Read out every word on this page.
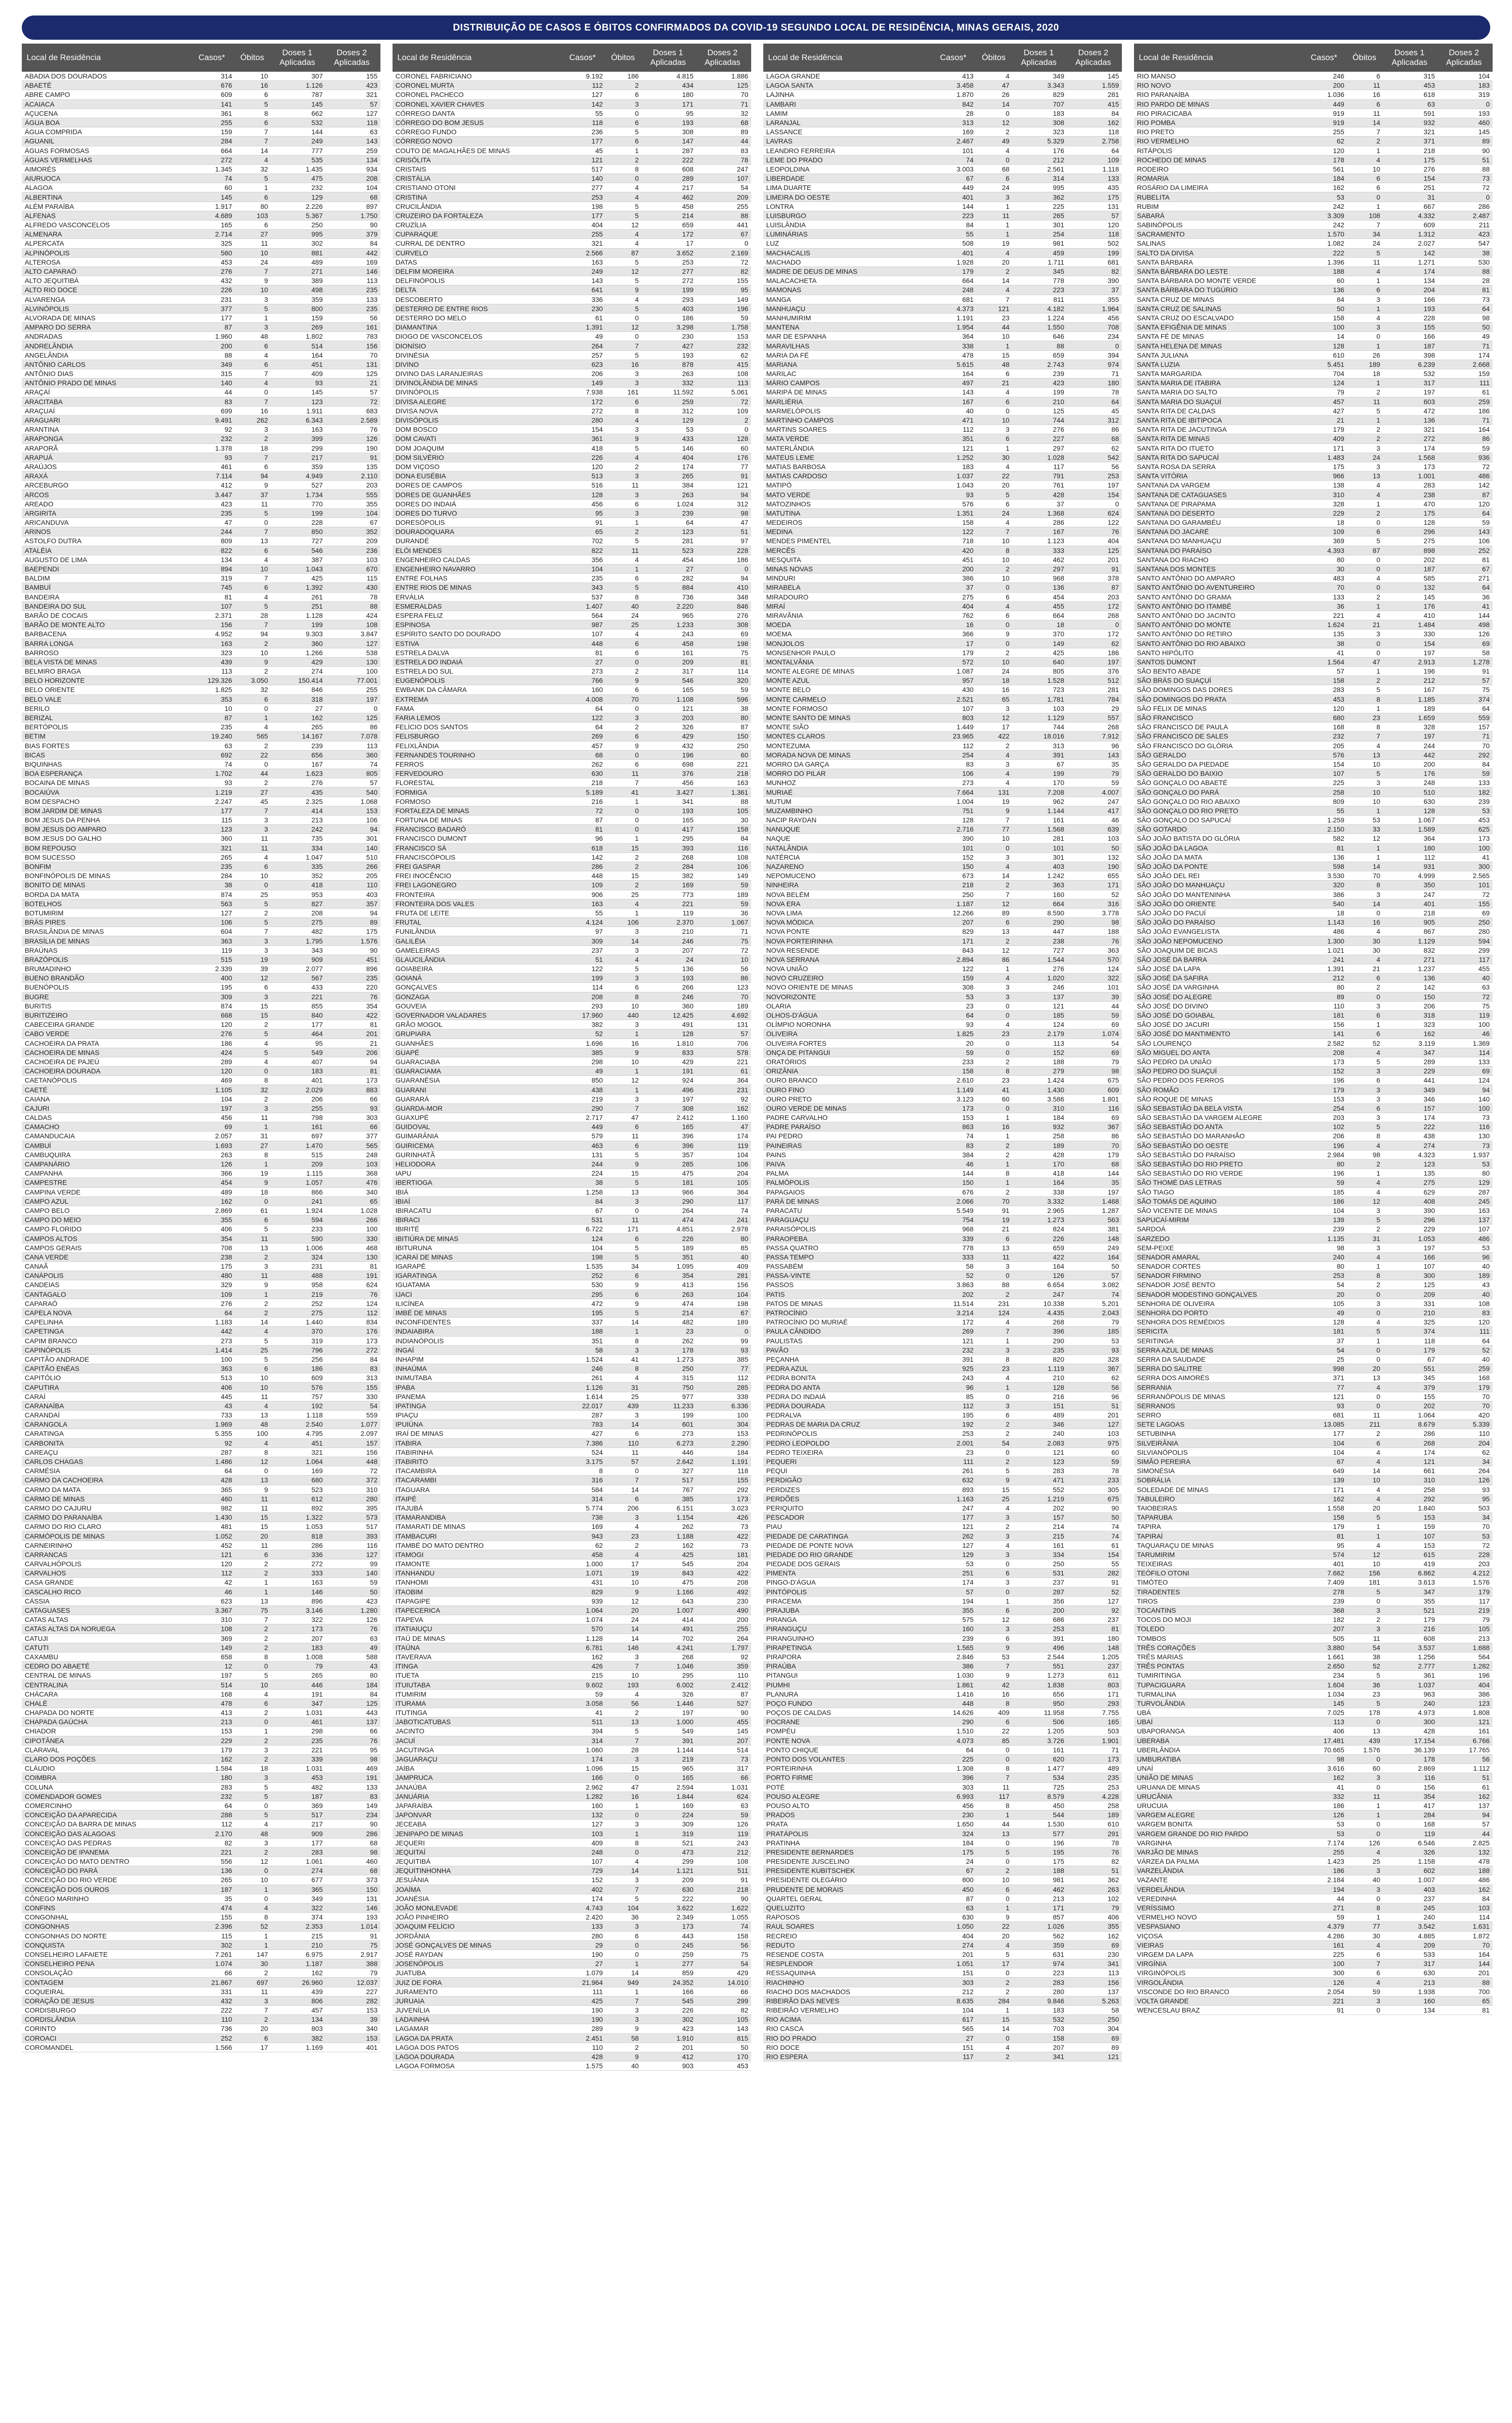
DISTRIBUIÇÃO DE CASOS E ÓBITOS CONFIRMADOS DA COVID-19 SEGUNDO LOCAL DE RESIDÊNCIA, MINAS GERAIS, 2020
Local de Residência	Casos*	Óbitos
Doses 1 Aplicadas
Doses 2 Aplicadas
ABADIA DOS DOURADOS	314	10	307	155
ABAETÉ	676	16	1.126	423
ABRE CAMPO	609	6	787	321
ACAIACA	141	5	145	57
AÇUCENA	361	8	662	127
ÁGUA BOA	255	6	532	118
ÁGUA COMPRIDA	159	7	144	63
AGUANIL	284	7	249	143
ÁGUAS FORMOSAS	664	14	777	259
ÁGUAS VERMELHAS	272	4	535	134
AIMORÉS	1.345	32	1.435	934
AIURUOCA	74	5	475	208
ALAGOA	60	1	232	104
ALBERTINA	145	6	129	68
ALÉM PARAÍBA	1.917	80	2.226	897
ALFENAS	4.689	103	5.367	1.750
ALFREDO VASCONCELOS	165	6	250	90
ALMENARA	2.714	27	995	379
ALPERCATA	325	11	302	84
ALPINÓPOLIS	560	10	881	442
ALTEROSA	453	24	489	169
ALTO CAPARAÓ	276	7	271	146
ALTO JEQUITIBÁ	432	9	389	113
ALTO RIO DOCE	226	10	498	235
ALVARENGA	231	3	359	133
ALVINÓPOLIS	377	5	800	235
ALVORADA DE MINAS	177	1	159	56
AMPARO DO SERRA	87	3	269	161
ANDRADAS	1.960	48	1.802	783
ANDRELÂNDIA	200	6	514	156
ANGELÂNDIA	88	4	164	70
ANTÔNIO CARLOS	349	6	451	131
ANTÔNIO DIAS	315	7	409	125
ANTÔNIO PRADO DE MINAS	140	4	93	21
ARAÇAÍ	44	0	145	57
ARACITABA	83	7	123	72
ARAÇUAÍ	699	16	1.911	683
ARAGUARI	9.491	262	6.343	2.589
ARANTINA	92	3	163	76
ARAPONGA	232	2	399	126
ARAPORÃ	1.378	18	299	190
ARAPUÁ	93	7	217	91
ARAÚJOS	461	6	359	135
ARAXÁ	7.114	94	4.949	2.110
ARCEBURGO	412	9	527	203
ARCOS	3.447	37	1.734	555
AREADO	423	11	770	355
ARGIRITA	235	5	199	104
ARICANDUVA	47	0	228	67
ARINOS	244	7	850	352
ASTOLFO DUTRA	809	13	727	209
ATALÉIA	822	6	546	236
AUGUSTO DE LIMA	134	4	387	103
BAEPENDI	894	10	1.043	670
BALDIM	319	7	425	115
BAMBUÍ	745	6	1.392	430
BANDEIRA	81	4	261	78
BANDEIRA DO SUL	107	5	251	88
BARÃO DE COCAIS	2.371	28	1.128	424
BARÃO DE MONTE ALTO	156	7	199	108
BARBACENA	4.952	94	9.303	3.847
BARRA LONGA	163	2	360	127
BARROSO	323	10	1.266	538
BELA VISTA DE MINAS	439	9	429	130
BELMIRO BRAGA	113	2	274	100
BELO HORIZONTE	129.326	3.050	150.414	77.001
BELO ORIENTE	1.825	32	846	255
BELO VALE	353	6	318	197
BERILO	10	0	27	0
BERIZAL	87	1	162	125
BERTÓPOLIS	235	4	265	86
BETIM	19.240	565	14.167	7.078
BIAS FORTES	63	2	239	113
BICAS	692	22	656	360
BIQUINHAS	74	0	167	74
BOA ESPERANÇA	1.702	44	1.623	805
BOCAINA DE MINAS	93	2	276	57
BOCAIÚVA	1.219	27	435	540
BOM DESPACHO	2.247	45	2.325	1.068
BOM JARDIM DE MINAS	177	7	414	153
BOM JESUS DA PENHA	115	3	213	106
BOM JESUS DO AMPARO	123	3	242	94
BOM JESUS DO GALHO	360	11	735	301
BOM REPOUSO	321	11	334	140
BOM SUCESSO	265	4	1.047	510
BONFIM	235	6	335	266
BONFINÓPOLIS DE MINAS	284	10	352	205
BONITO DE MINAS	38	0	418	110
BORDA DA MATA	874	25	953	403
BOTELHOS	563	5	827	357
BOTUMIRIM	127	2	208	94
BRÁS PIRES	106	5	275	89
BRASILÂNDIA DE MINAS	604	7	482	175
BRASÍLIA DE MINAS	363	3	1.795	1.576
BRAÚNAS	119	3	343	90
BRAZÓPOLIS	515	19	909	451
BRUMADINHO	2.339	39	2.077	896
BUENO BRANDÃO	400	12	567	235
BUENÓPOLIS	195	6	433	220
BUGRE	309	3	221	76
BURITIS	874	15	855	354
BURITIZEIRO	668	15	840	422
CABECEIRA GRANDE	120	2	177	81
CABO VERDE	276	5	464	201
CACHOEIRA DA PRATA	186	4	95	21
CACHOEIRA DE MINAS	424	5	549	206
CACHOEIRA DE PAJEÚ	289	4	407	94
CACHOEIRA DOURADA	120	0	183	81
CAETANÓPOLIS	469	8	401	173
CAETÉ	1.105	32	2.029	883
CAIANA	104	2	206	66
CAJURI	197	3	255	93
CALDAS	456	11	798	303
CAMACHO	69	1	161	66
CAMANDUCAIA	2.057	31	697	377
CAMBUÍ	1.693	27	1.470	565
CAMBUQUIRA	263	8	515	248
CAMPANÁRIO	126	1	209	103
CAMPANHA	366	19	1.115	368
CAMPESTRE	454	9	1.057	476
CAMPINA VERDE	489	18	866	340
CAMPO AZUL	162	0	241	65
CAMPO BELO	2.869	61	1.924	1.028
CAMPO DO MEIO	355	6	594	266
CAMPO FLORIDO	406	5	233	100
CAMPOS ALTOS	354	11	590	330
CAMPOS GERAIS	708	13	1.006	468
CANA VERDE	238	2	324	130
CANAÃ	175	3	231	81
CANÁPOLIS	480	11	488	191
CANDEIAS	329	9	958	624
CANTAGALO	109	1	219	76
CAPARAÓ	276	2	252	124
CAPELA NOVA	64	2	275	112
CAPELINHA	1.183	14	1.440	834
CAPETINGA	442	4	370	176
CAPIM BRANCO	273	5	319	173
CAPINÓPOLIS	1.414	25	796	272
CAPITÃO ANDRADE	100	5	256	84
CAPITÃO ENÉAS	363	6	186	83
CAPITÓLIO	513	10	609	313
CAPUTIRA	406	10	576	155
CARAÍ	445	11	757	330
CARANAÍBA	43	4	192	54
CARANDAÍ	733	13	1.118	559
CARANGOLA	1.969	48	2.540	1.077
CARATINGA	5.355	100	4.795	2.097
CARBONITA	92	4	451	157
CAREAÇU	287	8	321	156
CARLOS CHAGAS	1.486	12	1.064	448
CARMÉSIA	64	0	169	72
CARMO DA CACHOEIRA	428	13	680	372
CARMO DA MATA	365	9	523	310
CARMO DE MINAS	460	11	612	280
CARMO DO CAJURU	982	11	892	395
CARMO DO PARANAÍBA	1.430	15	1.322	573
CARMO DO RIO CLARO	481	15	1.053	517
CARMÓPOLIS DE MINAS	1.052	20	818	393
CARNEIRINHO	452	11	286	116
CARRANCAS	121	6	336	127
CARVALHÓPOLIS	120	2	272	99
CARVALHOS	112	2	333	140
CASA GRANDE	42	1	163	59
CASCALHO RICO	46	1	146	50
CÁSSIA	623	13	896	423
CATAGUASES	3.367	75	3.146	1.280
CATAS ALTAS	310	7	322	126
CATAS ALTAS DA NORUEGA	108	2	173	76
CATUJI	369	2	207	63
CATUTI	149	2	183	49
CAXAMBU	658	8	1.008	588
CEDRO DO ABAETÉ	12	0	79	43
CENTRAL DE MINAS	197	5	265	80
CENTRALINA	514	10	446	184
CHÁCARA	168	4	191	84
CHALÉ	478	6	347	125
CHAPADA DO NORTE	413	2	1.031	443
CHAPADA GAÚCHA	213	0	461	137
CHIADOR	153	1	298	66
CIPOTÂNEA	229	2	235	76
CLARAVAL	179	3	221	95
CLARO DOS POÇÕES	162	2	339	98
CLÁUDIO	1.584	18	1.031	469
COIMBRA	180	3	453	191
COLUNA	283	5	482	133
COMENDADOR GOMES	232	5	187	83
COMERCINHO	64	0	369	149
CONCEIÇÃO DA APARECIDA	288	5	517	234
CONCEIÇÃO DA BARRA DE MINAS	112	4	217	90
CONCEIÇÃO DAS ALAGOAS	2.170	48	909	286
CONCEIÇÃO DAS PEDRAS	82	3	177	68
CONCEIÇÃO DE IPANEMA	221	2	283	98
CONCEIÇÃO DO MATO DENTRO	556	12	1.061	460
CONCEIÇÃO DO PARÁ	136	0	274	68
CONCEIÇÃO DO RIO VERDE	265	10	677	373
CONCEIÇÃO DOS OUROS	187	1	365	150
CÔNEGO MARINHO	35	0	349	131
CONFINS	474	4	322	146
CONGONHAL	155	8	374	193
CONGONHAS	2.396	52	2.353	1.014
CONGONHAS DO NORTE	115	1	215	91
CONQUISTA	302	1	210	75
CONSELHEIRO LAFAIETE	7.261	147	6.975	2.917
CONSELHEIRO PENA	1.074	30	1.187	388
CONSOLAÇÃO	66	2	162	79
CONTAGEM	21.867	697	26.960	12.037
COQUEIRAL	331	11	439	227
CORAÇÃO DE JESUS	432	3	806	282
CORDISBURGO	222	7	457	153
CORDISLÂNDIA	110	2	134	39
CORINTO	736	20	803	340
COROACI	252	6	382	153
COROMANDEL	1.566	17	1.169	401
Local de Residência	Casos*	Óbitos
Doses 1 Aplicadas
Doses 2 Aplicadas
CORONEL FABRICIANO	9.192	186	4.815	1.886
CORONEL MURTA	112	2	434	125
CORONEL PACHECO	127	6	180	70
CORONEL XAVIER CHAVES	142	3	171	71
CÓRREGO DANTA	55	0	95	32
CÓRREGO DO BOM JESUS	118	6	193	68
CÓRREGO FUNDO	236	5	308	89
CÓRREGO NOVO	177	6	147	44
COUTO DE MAGALHÃES DE MINAS	45	1	287	83
CRISÓLITA	121	2	222	78
CRISTAIS	517	8	608	247
CRISTÁLIA	140	0	289	107
CRISTIANO OTONI	277	4	217	54
CRISTINA	253	4	462	209
CRUCILÂNDIA	198	5	458	255
CRUZEIRO DA FORTALEZA	177	5	214	88
CRUZÍLIA	404	12	659	441
CUPARAQUE	255	4	172	67
CURRAL DE DENTRO	321	4	17	0
CURVELO	2.566	87	3.652	2.169
DATAS	163	5	253	72
DELFIM MOREIRA	249	12	277	82
DELFINÓPOLIS	143	5	272	155
DELTA	641	9	199	95
DESCOBERTO	336	4	293	149
DESTERRO DE ENTRE RIOS	230	5	403	196
DESTERRO DO MELO	61	0	186	59
DIAMANTINA	1.391	12	3.298	1.758
DIOGO DE VASCONCELOS	49	0	230	153
DIONÍSIO	264	7	427	232
DIVINÉSIA	257	5	193	62
DIVINO	623	16	878	415
DIVINO DAS LARANJEIRAS	206	3	263	108
DIVINOLÂNDIA DE MINAS	149	3	332	113
DIVINÓPOLIS	7.938	161	11.592	5.061
DIVISA ALEGRE	172	6	259	72
DIVISA NOVA	272	8	312	109
DIVISÓPOLIS	280	4	129	2
DOM BOSCO	154	3	53	0
DOM CAVATI	361	9	433	128
DOM JOAQUIM	418	5	146	60
DOM SILVÉRIO	226	4	404	176
DOM VIÇOSO	120	2	174	77
DONA EUSÉBIA	513	3	265	91
DORES DE CAMPOS	516	11	384	121
DORES DE GUANHÃES	128	3	263	94
DORES DO INDAIÁ	456	6	1.024	312
DORES DO TURVO	95	3	239	98
DORESÓPOLIS	91	1	64	47
DOURADOQUARA	65	2	123	51
DURANDÉ	702	5	281	97
ELÓI MENDES	822	11	523	228
ENGENHEIRO CALDAS	356	4	454	186
ENGENHEIRO NAVARRO	104	1	27	0
ENTRE FOLHAS	235	6	282	94
ENTRE RIOS DE MINAS	343	5	884	410
ERVÁLIA	537	8	736	348
ESMERALDAS	1.407	40	2.220	846
ESPERA FELIZ	564	24	965	276
ESPINOSA	987	25	1.233	308
ESPÍRITO SANTO DO DOURADO	107	4	243	69
ESTIVA	448	6	458	198
ESTRELA DALVA	81	6	161	75
ESTRELA DO INDAIÁ	27	0	209	81
ESTRELA DO SUL	273	2	317	114
EUGENÓPOLIS	766	9	546	320
EWBANK DA CÂMARA	160	6	165	59
EXTREMA	4.008	70	1.108	596
FAMA	64	0	121	38
FARIA LEMOS	122	3	203	80
FELÍCIO DOS SANTOS	64	2	326	87
FELISBURGO	269	6	429	150
FELIXLÂNDIA	457	9	432	250
FERNANDES TOURINHO	68	0	196	60
FERROS	262	6	698	221
FERVEDOURO	630	11	376	218
FLORESTAL	218	7	456	163
FORMIGA	5.189	41	3.427	1.361
FORMOSO	216	1	341	88
FORTALEZA DE MINAS	72	0	193	105
FORTUNA DE MINAS	87	0	165	30
FRANCISCO BADARÓ	81	0	417	158
FRANCISCO DUMONT	96	1	295	84
FRANCISCO SÁ	618	15	393	116
FRANCISCÓPOLIS	142	2	268	108
FREI GASPAR	286	2	284	106
FREI INOCÊNCIO	448	15	382	149
FREI LAGONEGRO	109	2	169	59
FRONTEIRA	906	25	773	189
FRONTEIRA DOS VALES	163	4	221	59
FRUTA DE LEITE	55	1	119	36
FRUTAL	4.124	106	2.370	1.067
FUNILÂNDIA	97	3	210	71
GALILÉIA	309	14	246	75
GAMELEIRAS	237	3	207	72
GLAUCILÂNDIA	51	4	24	10
GOIABEIRA	122	5	136	56
GOIANÁ	199	3	193	86
GONÇALVES	114	6	266	123
GONZAGA	208	8	246	70
GOUVEIA	293	10	360	189
GOVERNADOR VALADARES	17.960	440	12.425	4.692
GRÃO MOGOL	382	3	491	131
GRUPIARA	52	1	128	57
GUANHÃES	1.696	16	1.810	706
GUAPÉ	385	9	833	578
GUARACIABA	298	10	429	221
GUARACIAMA	49	1	191	61
GUARANÉSIA	850	12	924	364
GUARANI	438	1	496	231
GUARARÁ	219	3	197	92
GUARDA-MOR	290	7	308	162
GUAXUPÉ	2.717	47	2.412	1.160
GUIDOVAL	449	6	165	47
GUIMARÂNIA	579	11	396	174
GUIRICEMA	463	6	396	119
GURINHATÃ	131	5	357	104
HELIODORA	244	9	285	106
IAPU	224	15	475	204
IBERTIOGA	38	5	181	105
IBIÁ	1.258	13	966	364
IBIAÍ	84	3	290	117
IBIRACATU	67	0	264	74
IBIRACI	531	11	474	241
IBIRITÉ	6.722	171	4.851	2.978
IBITIÚRA DE MINAS	124	6	226	80
IBITURUNA	104	5	189	85
ICARAÍ DE MINAS	198	5	351	40
IGARAPÉ	1.535	34	1.095	409
IGARATINGA	252	6	354	281
IGUATAMA	530	9	413	156
IJACI	295	6	263	104
ILICÍNEA	472	9	474	198
IMBÉ DE MINAS	195	5	214	67
INCONFIDENTES	337	14	482	189
INDAIABIRA	188	1	23	0
INDIANÓPOLIS	351	8	262	99
INGAÍ	58	3	178	93
INHAPIM	1.524	41	1.273	385
INHAÚMA	246	8	250	77
INIMUTABA	261	4	315	112
IPABA	1.126	31	750	285
IPANEMA	1.614	25	977	338
IPATINGA	22.017	439	11.233	6.336
IPIAÇU	287	3	199	100
IPUIÚNA	783	14	601	304
IRAÍ DE MINAS	427	6	273	153
ITABIRA	7.386	110	6.273	2.290
ITABIRINHA	524	11	446	184
ITABIRITO	3.175	57	2.642	1.191
ITACAMBIRA	8	0	327	118
ITACARAMBI	316	7	517	155
ITAGUARA	584	14	767	292
ITAIPÉ	314	6	385	173
ITAJUBÁ	5.774	206	6.151	3.023
ITAMARANDIBA	738	3	1.154	426
ITAMARATI DE MINAS	169	4	262	73
ITAMBACURI	943	23	1.188	422
ITAMBÉ DO MATO DENTRO	62	2	162	73
ITAMOGI	458	4	425	181
ITAMONTE	1.000	17	545	204
ITANHANDU	1.071	19	843	422
ITANHOMI	431	10	475	208
ITAOBIM	829	9	1.166	492
ITAPAGIPE	939	12	643	230
ITAPECERICA	1.064	20	1.007	490
ITAPEVA	1.074	24	414	200
ITATIAIUÇU	570	14	491	255
ITAÚ DE MINAS	1.128	14	702	264
ITAÚNA	6.781	146	4.241	1.797
ITAVERAVA	162	3	268	92
ITINGA	426	7	1.046	359
ITUETA	215	10	295	110
ITUIUTABA	9.602	193	6.002	2.412
ITUMIRIM	59	4	326	87
ITURAMA	3.058	56	1.446	527
ITUTINGA	41	2	197	90
JABOTICATUBAS	511	13	1.000	455
JACINTO	394	5	549	145
JACUÍ	314	7	391	207
JACUTINGA	1.060	28	1.144	514
JAGUARAÇU	174	3	219	73
JAÍBA	1.096	15	965	317
JAMPRUCA	166	0	165	66
JANAÚBA	2.962	47	2.594	1.031
JANUÁRIA	1.282	16	1.844	624
JAPARAÍBA	160	1	169	63
JAPONVAR	132	0	224	59
JECEABA	127	3	309	126
JENIPAPO DE MINAS	103	1	319	119
JEQUERI	409	8	521	243
JEQUITAÍ	248	0	473	212
JEQUITIBÁ	107	4	299	108
JEQUITINHONHA	729	14	1.121	511
JESUÂNIA	152	3	209	91
JOAÍMA	402	7	630	218
JOANÉSIA	174	5	222	90
JOÃO MONLEVADE	4.743	104	3.622	1.622
JOÃO PINHEIRO	2.420	36	2.349	1.055
JOAQUIM FELÍCIO	133	3	173	74
JORDÂNIA	280	6	443	158
JOSÉ GONÇALVES DE MINAS	29	0	245	56
JOSÉ RAYDAN	190	0	259	75
JOSENÓPOLIS	27	1	277	54
JUATUBA	1.079	14	859	429
JUIZ DE FORA	21.964	949	24.352	14.010
JURAMENTO	111	1	166	66
JURUAIA	425	7	545	299
JUVENÍLIA	190	3	226	82
LADAINHA	190	3	302	105
LAGAMAR	289	9	423	143
LAGOA DA PRATA	2.451	58	1.910	815
LAGOA DOS PATOS	110	2	201	50
LAGOA DOURADA	428	9	412	170
LAGOA FORMOSA	1.575	40	903	453
Local de Residência	Casos*	Óbitos
Doses 1 Aplicadas
Doses 2 Aplicadas
LAGOA GRANDE	413	4	349	145
LAGOA SANTA	3.458	47	3.343	1.559
LAJINHA	1.870	26	829	281
LAMBARI	842	14	707	415
LAMIM	28	0	183	84
LARANJAL	313	12	308	162
LASSANCE	169	2	323	118
LAVRAS	2.467	49	5.329	2.758
LEANDRO FERREIRA	101	4	176	64
LEME DO PRADO	74	0	212	109
LEOPOLDINA	3.003	68	2.561	1.118
LIBERDADE	67	6	314	133
LIMA DUARTE	449	24	995	435
LIMEIRA DO OESTE	401	3	362	175
LONTRA	144	1	225	131
LUISBURGO	223	11	265	57
LUISLÂNDIA	84	1	301	120
LUMINÁRIAS	55	1	254	118
LUZ	508	19	981	502
MACHACALIS	401	4	459	199
MACHADO	1.928	20	1.711	681
MADRE DE DEUS DE MINAS	179	2	345	82
MALACACHETA	664	14	778	390
MAMONAS	248	4	223	37
MANGA	681	7	811	355
MANHUAÇU	4.373	121	4.182	1.964
MANHUMIRIM	1.191	23	1.224	456
MANTENA	1.954	44	1.550	708
MAR DE ESPANHA	364	10	646	234
MARAVILHAS	338	1	88	0
MARIA DA FÉ	478	15	659	394
MARIANA	5.615	48	2.743	974
MARILAC	164	6	239	71
MÁRIO CAMPOS	497	21	423	180
MARIPÁ DE MINAS	143	4	199	78
MARLIÉRIA	167	6	210	64
MARMELÓPOLIS	40	0	125	45
MARTINHO CAMPOS	471	10	744	312
MARTINS SOARES	112	3	276	86
MATA VERDE	351	6	227	68
MATERLÂNDIA	121	1	297	62
MATEUS LEME	1.252	30	1.028	542
MATIAS BARBOSA	183	4	117	56
MATIAS CARDOSO	1.037	22	791	253
MATIPÓ	1.043	20	761	197
MATO VERDE	93	5	428	154
MATOZINHOS	576	6	37	0
MATUTINA	1.351	24	1.368	624
MEDEIROS	158	4	286	122
MEDINA	122	7	167	76
MENDES PIMENTEL	718	10	1.123	404
MERCÊS	420	8	333	125
MESQUITA	451	10	462	201
MINAS NOVAS	200	2	297	91
MINDURI	386	10	968	378
MIRABELA	37	0	136	87
MIRADOURO	275	6	454	203
MIRAÍ	404	4	455	172
MIRAVÂNIA	762	6	664	268
MOEDA	16	0	18	0
MOEMA	366	9	370	172
MONJOLOS	17	0	149	62
MONSENHOR PAULO	179	2	425	186
MONTALVÂNIA	572	10	640	197
MONTE ALEGRE DE MINAS	1.087	24	805	376
MONTE AZUL	957	18	1.528	512
MONTE BELO	430	16	723	281
MONTE CARMELO	2.521	65	1.781	784
MONTE FORMOSO	107	3	103	29
MONTE SANTO DE MINAS	803	12	1.129	557
MONTE SIÃO	1.449	17	744	268
MONTES CLAROS	23.965	422	18.016	7.912
MONTEZUMA	112	2	313	96
MORADA NOVA DE MINAS	254	4	391	143
MORRO DA GARÇA	83	3	67	35
MORRO DO PILAR	106	4	199	79
MUNHOZ	273	4	170	59
MURIAÉ	7.664	131	7.208	4.007
MUTUM	1.004	19	962	247
MUZAMBINHO	751	9	1.144	417
NACIP RAYDAN	128	7	161	46
NANUQUE	2.716	77	1.568	639
NAQUE	390	10	281	103
NATALÂNDIA	101	0	101	50
NATÉRCIA	152	3	301	132
NAZARENO	150	4	403	190
NEPOMUCENO	673	14	1.242	655
NINHEIRA	218	2	363	171
NOVA BELÉM	250	7	160	52
NOVA ERA	1.187	12	664	316
NOVA LIMA	12.266	89	8.590	3.778
NOVA MÓDICA	207	6	290	98
NOVA PONTE	829	13	447	188
NOVA PORTEIRINHA	171	2	238	76
NOVA RESENDE	843	12	727	363
NOVA SERRANA	2.894	86	1.544	570
NOVA UNIÃO	122	1	276	124
NOVO CRUZEIRO	159	4	1.020	322
NOVO ORIENTE DE MINAS	308	3	246	101
NOVORIZONTE	53	3	137	39
OLARIA	23	0	121	44
OLHOS-D'ÁGUA	64	0	185	59
OLÍMPIO NORONHA	93	4	124	69
OLIVEIRA	1.825	23	2.179	1.074
OLIVEIRA FORTES	20	0	113	54
ONÇA DE PITANGUI	59	0	152	69
ORATÓRIOS	233	2	188	79
ORIZÂNIA	158	8	279	98
OURO BRANCO	2.610	23	1.424	675
OURO FINO	1.149	41	1.430	609
OURO PRETO	3.123	60	3.586	1.801
OURO VERDE DE MINAS	173	0	310	116
PADRE CARVALHO	153	1	184	69
PADRE PARAÍSO	863	16	932	367
PAI PEDRO	74	1	258	86
PAINEIRAS	83	2	189	70
PAINS	384	2	428	179
PAIVA	46	1	170	68
PALMA	144	8	418	144
PALMÓPOLIS	150	1	164	35
PAPAGAIOS	676	2	338	197
PARÁ DE MINAS	2.066	70	3.332	1.468
PARACATU	5.549	91	2.965	1.287
PARAGUAÇU	754	19	1.273	563
PARAISÓPOLIS	968	21	824	381
PARAOPEBA	339	6	226	148
PASSA QUATRO	778	13	659	249
PASSA TEMPO	333	11	422	164
PASSABÉM	58	3	164	50
PASSA-VINTE	52	0	126	57
PASSOS	3.863	88	6.654	3.082
PATIS	202	2	247	74
PATOS DE MINAS	11.514	231	10.338	5.201
PATROCÍNIO	3.214	124	4.435	2.043
PATROCÍNIO DO MURIAÉ	172	4	268	79
PAULA CÂNDIDO	269	7	396	185
PAULISTAS	121	1	290	53
PAVÃO	232	3	235	93
PEÇANHA	391	8	820	328
PEDRA AZUL	925	23	1.119	367
PEDRA BONITA	243	4	210	62
PEDRA DO ANTA	96	1	128	56
PEDRA DO INDAIÁ	85	0	216	96
PEDRA DOURADA	112	3	151	51
PEDRALVA	195	6	489	201
PEDRAS DE MARIA DA CRUZ	192	2	346	127
PEDRINÓPOLIS	253	2	240	103
PEDRO LEOPOLDO	2.001	54	2.083	975
PEDRO TEIXEIRA	23	0	121	60
PEQUERI	111	2	123	59
PEQUI	261	5	283	78
PERDIGÃO	632	9	471	233
PERDIZES	893	15	552	305
PERDÕES	1.163	25	1.219	675
PERIQUITO	247	4	202	90
PESCADOR	177	3	157	50
PIAU	121	2	214	74
PIEDADE DE CARATINGA	262	3	215	74
PIEDADE DE PONTE NOVA	127	4	161	61
PIEDADE DO RIO GRANDE	129	3	334	154
PIEDADE DOS GERAIS	53	0	250	55
PIMENTA	251	6	531	282
PINGO-D'ÁGUA	174	3	237	91
PINTÓPOLIS	57	0	287	52
PIRACEMA	194	1	356	127
PIRAJUBA	355	6	200	92
PIRANGA	575	12	686	237
PIRANGUÇU	160	3	253	81
PIRANGUINHO	239	6	391	180
PIRAPETINGA	1.565	9	496	148
PIRAPORA	2.846	53	2.544	1.205
PIRAÚBA	386	7	551	237
PITANGUI	1.030	9	1.273	611
PIUMHI	1.861	42	1.838	803
PLANURA	1.416	16	656	171
POÇO FUNDO	448	8	950	293
POÇOS DE CALDAS	14.626	409	11.958	7.755
POCRANE	290	6	506	165
POMPÉU	1.510	22	1.205	503
PONTE NOVA	4.073	85	3.726	1.901
PONTO CHIQUE	64	0	161	71
PONTO DOS VOLANTES	225	0	620	173
PORTEIRINHA	1.308	8	1.477	489
PORTO FIRME	396	7	534	235
POTÉ	303	11	725	253
POUSO ALEGRE	6.993	117	8.579	4.228
POUSO ALTO	456	8	450	258
PRADOS	230	1	544	189
PRATA	1.650	44	1.530	610
PRATÁPOLIS	324	13	577	291
PRATINHA	184	0	196	78
PRESIDENTE BERNARDES	175	5	195	76
PRESIDENTE JUSCELINO	24	0	175	82
PRESIDENTE KUBITSCHEK	67	2	188	51
PRESIDENTE OLEGÁRIO	800	10	981	362
PRUDENTE DE MORAIS	450	6	462	263
QUARTEL GERAL	87	0	213	102
QUELUZITO	63	1	171	79
RAPOSOS	630	9	857	406
RAUL SOARES	1.050	22	1.026	355
RECREIO	404	20	562	162
REDUTO	274	4	359	69
RESENDE COSTA	201	5	631	230
RESPLENDOR	1.051	17	974	341
RESSAQUINHA	151	0	223	113
RIACHINHO	303	2	283	156
RIACHO DOS MACHADOS	212	2	280	137
RIBEIRÃO DAS NEVES	8.635	284	9.846	5.263
RIBEIRÃO VERMELHO	104	1	183	58
RIO ACIMA	617	15	532	250
RIO CASCA	565	14	703	304
RIO DO PRADO	27	0	158	69
RIO DOCE	151	4	207	89
RIO ESPERA	117	2	341	121
Local de Residência	Casos*	Óbitos
Doses 1 Aplicadas
Doses 2 Aplicadas
RIO MANSO	246	6	315	104
RIO NOVO	200	11	453	183
RIO PARANAÍBA	1.036	16	618	319
RIO PARDO DE MINAS	449	6	63	0
RIO PIRACICABA	919	11	591	193
RIO POMBA	919	14	932	460
RIO PRETO	255	7	321	145
RIO VERMELHO	62	2	371	89
RITÁPOLIS	120	1	218	90
ROCHEDO DE MINAS	178	4	175	51
RODEIRO	561	10	276	88
ROMARIA	184	6	154	73
ROSÁRIO DA LIMEIRA	162	6	251	72
RUBELITA	53	0	31	0
RUBIM	242	1	667	286
SABARÁ	3.309	108	4.332	2.487
SABINÓPOLIS	242	7	609	211
SACRAMENTO	1.570	34	1.312	423
SALINAS	1.082	24	2.027	547
SALTO DA DIVISA	222	5	142	38
SANTA BÁRBARA	1.396	11	1.271	530
SANTA BÁRBARA DO LESTE	188	4	174	88
SANTA BÁRBARA DO MONTE VERDE	60	1	134	28
SANTA BÁRBARA DO TUGÚRIO	136	6	204	81
SANTA CRUZ DE MINAS	84	3	166	73
SANTA CRUZ DE SALINAS	50	1	193	64
SANTA CRUZ DO ESCALVADO	158	4	228	98
SANTA EFIGÊNIA DE MINAS	100	3	155	50
SANTA FÉ DE MINAS	14	0	166	49
SANTA HELENA DE MINAS	128	1	187	71
SANTA JULIANA	610	26	398	174
SANTA LUZIA	5.451	189	6.239	2.668
SANTA MARGARIDA	704	18	532	159
SANTA MARIA DE ITABIRA	124	1	317	111
SANTA MARIA DO SALTO	79	2	197	61
SANTA MARIA DO SUAÇUÍ	457	11	603	259
SANTA RITA DE CALDAS	427	5	472	186
SANTA RITA DE IBITIPOCA	21	1	136	71
SANTA RITA DE JACUTINGA	179	2	321	164
SANTA RITA DE MINAS	409	2	272	86
SANTA RITA DO ITUETO	171	3	174	59
SANTA RITA DO SAPUCAÍ	1.483	24	1.568	936
SANTA ROSA DA SERRA	175	3	173	72
SANTA VITÓRIA	966	13	1.001	486
SANTANA DA VARGEM	138	4	283	142
SANTANA DE CATAGUASES	310	4	238	87
SANTANA DE PIRAPAMA	328	1	470	120
SANTANA DO DESERTO	229	2	175	64
SANTANA DO GARAMBÉU	18	0	128	59
SANTANA DO JACARÉ	109	6	296	143
SANTANA DO MANHUAÇU	369	5	275	106
SANTANA DO PARAÍSO	4.393	87	898	252
SANTANA DO RIACHO	80	0	202	81
SANTANA DOS MONTES	30	0	187	67
SANTO ANTÔNIO DO AMPARO	483	4	585	271
SANTO ANTÔNIO DO AVENTUREIRO	70	0	132	64
SANTO ANTÔNIO DO GRAMA	133	2	145	36
SANTO ANTÔNIO DO ITAMBÉ	36	1	176	41
SANTO ANTÔNIO DO JACINTO	221	4	410	144
SANTO ANTÔNIO DO MONTE	1.624	21	1.484	498
SANTO ANTÔNIO DO RETIRO	135	3	330	126
SANTO ANTÔNIO DO RIO ABAIXO	38	0	154	69
SANTO HIPÓLITO	41	0	197	58
SANTOS DUMONT	1.564	47	2.913	1.278
SÃO BENTO ABADE	57	1	196	91
SÃO BRÁS DO SUAÇUÍ	158	2	212	57
SÃO DOMINGOS DAS DORES	283	5	167	75
SÃO DOMINGOS DO PRATA	453	8	1.185	374
SÃO FÉLIX DE MINAS	120	1	189	64
SÃO FRANCISCO	680	23	1.659	559
SÃO FRANCISCO DE PAULA	168	8	328	157
SÃO FRANCISCO DE SALES	232	7	197	71
SÃO FRANCISCO DO GLÓRIA	205	4	244	70
SÃO GERALDO	576	13	442	292
SÃO GERALDO DA PIEDADE	154	10	200	84
SÃO GERALDO DO BAIXIO	107	5	176	59
SÃO GONÇALO DO ABAETÉ	225	3	248	133
SÃO GONÇALO DO PARÁ	258	10	510	182
SÃO GONÇALO DO RIO ABAIXO	809	10	630	239
SÃO GONÇALO DO RIO PRETO	55	1	128	53
SÃO GONÇALO DO SAPUCAÍ	1.259	53	1.067	453
SÃO GOTARDO	2.150	33	1.589	625
SÃO JOÃO BATISTA DO GLÓRIA	582	12	364	173
SÃO JOÃO DA LAGOA	81	1	180	100
SÃO JOÃO DA MATA	136	1	112	41
SÃO JOÃO DA PONTE	598	14	931	300
SÃO JOÃO DEL REI	3.530	70	4.999	2.565
SÃO JOÃO DO MANHUAÇU	320	8	350	101
SÃO JOÃO DO MANTENINHA	386	3	247	72
SÃO JOÃO DO ORIENTE	540	14	401	155
SÃO JOÃO DO PACUÍ	18	0	218	69
SÃO JOÃO DO PARAÍSO	1.143	16	905	250
SÃO JOÃO EVANGELISTA	486	4	867	280
SÃO JOÃO NEPOMUCENO	1.300	30	1.129	594
SÃO JOAQUIM DE BICAS	1.021	30	832	299
SÃO JOSÉ DA BARRA	241	4	271	117
SÃO JOSÉ DA LAPA	1.391	21	1.237	455
SÃO JOSÉ DA SAFIRA	212	6	136	40
SÃO JOSÉ DA VARGINHA	80	2	142	63
SÃO JOSÉ DO ALEGRE	89	0	150	72
SÃO JOSÉ DO DIVINO	110	3	206	75
SÃO JOSÉ DO GOIABAL	181	6	318	119
SÃO JOSÉ DO JACURI	156	1	323	100
SÃO JOSÉ DO MANTIMENTO	141	6	162	46
SÃO LOURENÇO	2.582	52	3.119	1.369
SÃO MIGUEL DO ANTA	208	4	347	114
SÃO PEDRO DA UNIÃO	173	5	289	133
SÃO PEDRO DO SUAÇUÍ	152	3	229	69
SÃO PEDRO DOS FERROS	196	6	441	124
SÃO ROMÃO	179	3	349	94
SÃO ROQUE DE MINAS	153	3	346	140
SÃO SEBASTIÃO DA BELA VISTA	254	6	157	100
SÃO SEBASTIÃO DA VARGEM ALEGRE	203	3	174	73
SÃO SEBASTIÃO DO ANTA	102	5	222	116
SÃO SEBASTIÃO DO MARANHÃO	206	8	438	130
SÃO SEBASTIÃO DO OESTE	196	4	274	73
SÃO SEBASTIÃO DO PARAÍSO	2.984	98	4.323	1.937
SÃO SEBASTIÃO DO RIO PRETO	80	2	123	53
SÃO SEBASTIÃO DO RIO VERDE	196	1	135	80
SÃO THOMÉ DAS LETRAS	59	4	275	129
SÃO TIAGO	185	4	629	287
SÃO TOMÁS DE AQUINO	186	12	408	245
SÃO VICENTE DE MINAS	104	3	390	163
SAPUCAÍ-MIRIM	139	5	296	137
SARDOÁ	239	2	229	107
SARZEDO	1.135	31	1.053	486
SEM-PEIXE	98	3	197	53
SENADOR AMARAL	240	4	166	96
SENADOR CORTES	80	1	107	40
SENADOR FIRMINO	253	8	300	189
SENADOR JOSÉ BENTO	54	2	125	43
SENADOR MODESTINO GONÇALVES	20	0	209	40
SENHORA DE OLIVEIRA	105	3	331	108
SENHORA DO PORTO	49	0	210	83
SENHORA DOS REMÉDIOS	128	4	325	120
SERICITA	181	5	374	111
SERITINGA	37	1	118	64
SERRA AZUL DE MINAS	54	0	179	52
SERRA DA SAUDADE	25	0	67	40
SERRA DO SALITRE	998	20	551	259
SERRA DOS AIMORÉS	371	13	345	168
SERRANIA	77	4	379	179
SERRANÓPOLIS DE MINAS	121	0	155	70
SERRANOS	93	0	202	70
SERRO	681	11	1.064	420
SETE LAGOAS	13.085	211	8.679	5.339
SETUBINHA	177	2	286	110
SILVEIRÂNIA	104	6	268	204
SILVIANÓPOLIS	104	4	174	62
SIMÃO PEREIRA	67	4	121	34
SIMONÉSIA	649	14	661	264
SOBRÁLIA	139	10	310	126
SOLEDADE DE MINAS	171	4	258	93
TABULEIRO	162	4	292	95
TAIOBEIRAS	1.558	20	1.840	503
TAPARUBA	158	5	153	34
TAPIRA	179	1	159	70
TAPIRAÍ	81	1	107	53
TAQUARAÇU DE MINAS	95	4	153	72
TARUMIRIM	574	12	615	228
TEIXEIRAS	401	10	419	203
TEÓFILO OTONI	7.662	156	6.862	4.212
TIMÓTEO	7.409	181	3.613	1.576
TIRADENTES	278	5	347	179
TIROS	239	0	355	117
TOCANTINS	368	3	521	219
TOCOS DO MOJI	182	2	179	79
TOLEDO	207	3	216	105
TOMBOS	505	11	608	213
TRÊS CORAÇÕES	3.880	54	3.537	1.688
TRÊS MARIAS	1.661	38	1.256	564
TRÊS PONTAS	2.650	52	2.777	1.282
TUMIRITINGA	234	5	361	196
TUPACIGUARA	1.604	36	1.037	404
TURMALINA	1.034	23	963	386
TURVOLÂNDIA	145	5	240	123
UBÁ	7.025	178	4.973	1.808
UBAÍ	113	0	300	121
UBAPORANGA	406	13	428	161
UBERABA	17.481	439	17.154	6.766
UBERLÂNDIA	70.665	1.576	36.139	17.765
UMBURATIBA	98	0	178	56
UNAÍ	3.616	60	2.869	1.112
UNIÃO DE MINAS	162	3	116	51
URUANA DE MINAS	41	0	156	61
URUCÂNIA	332	11	354	162
URUCUIA	186	1	417	137
VARGEM ALEGRE	126	1	284	94
VARGEM BONITA	53	0	168	57
VARGEM GRANDE DO RIO PARDO	53	0	119	44
VARGINHA	7.174	126	6.546	2.825
VARJÃO DE MINAS	255	4	326	132
VÁRZEA DA PALMA	1.423	25	1.158	478
VARZELÂNDIA	186	3	602	188
VAZANTE	2.184	40	1.007	486
VERDELÂNDIA	194	3	403	162
VEREDINHA	44	0	237	84
VERÍSSIMO	271	8	245	103
VERMELHO NOVO	59	1	240	114
VESPASIANO	4.379	77	3.542	1.631
VIÇOSA	4.286	30	4.885	1.872
VIEIRAS	161	4	209	70
VIRGEM DA LAPA	225	6	533	164
VIRGÍNIA	100	7	317	144
VIRGINÓPOLIS	300	6	630	201
VIRGOLÂNDIA	126	4	213	88
VISCONDE DO RIO BRANCO	2.054	59	1.938	700
VOLTA GRANDE	221	3	160	65
WENCESLAU BRAZ	91	0	134	81
